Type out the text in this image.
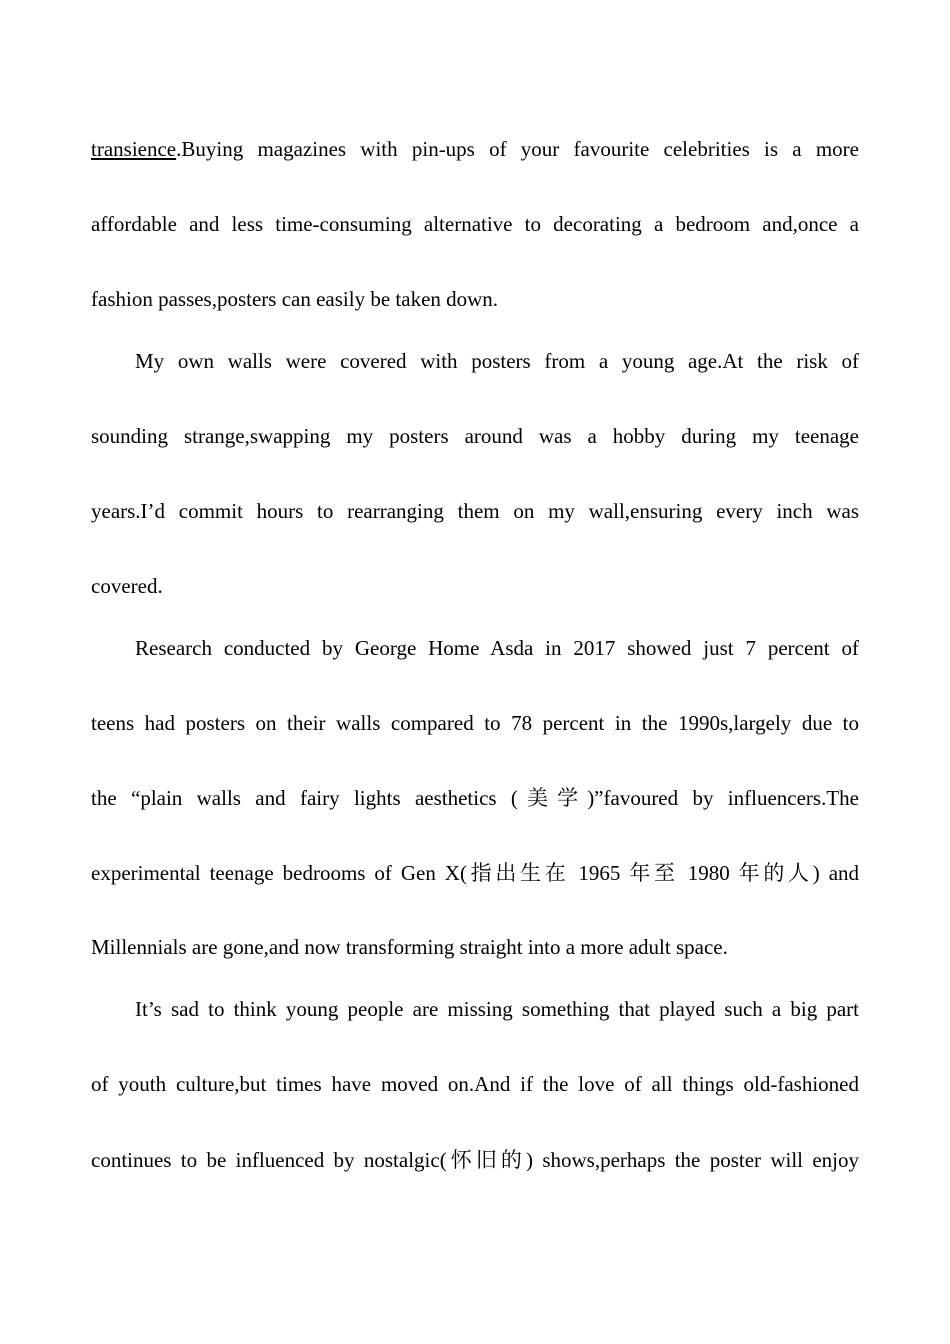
transience.Buying magazines with pin-ups of your favourite celebrities is a more
affordable and less time-consuming alternative to decorating a bedroom and,once a
fashion passes,posters can easily be taken down.
My own walls were covered with posters from a young age.At the risk of
sounding strange,swapping my posters around was a hobby during my teenage
years.I’d commit hours to rearranging them on my wall,ensuring every inch was
covered.
Research conducted by George Home Asda in 2017 showed just 7 percent of
teens had posters on their walls compared to 78 percent in the 1990s,largely due to
the “plain walls and fairy lights aesthetics (美学)”favoured by influencers.The
experimental teenage bedrooms of Gen X(指出生在 1965 年至 1980 年的人) and
Millennials are gone,and now transforming straight into a more adult space.
It’s sad to think young people are missing something that played such a big part
of youth culture,but times have moved on.And if the love of all things old-fashioned
continues to be influenced by nostalgic(怀旧的) shows,perhaps the poster will enjoy
